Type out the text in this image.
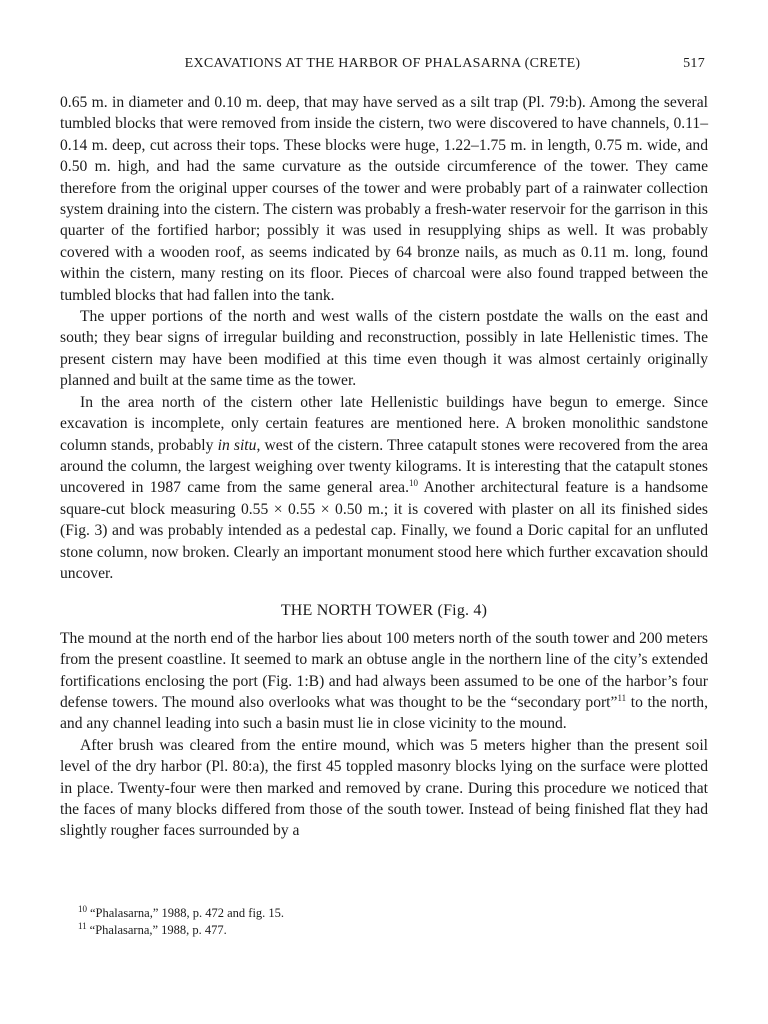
EXCAVATIONS AT THE HARBOR OF PHALASARNA (CRETE)	517

0.65 m. in diameter and 0.10 m. deep, that may have served as a silt trap (Pl. 79:b). Among the several tumbled blocks that were removed from inside the cistern, two were discovered to have channels, 0.11–0.14 m. deep, cut across their tops. These blocks were huge, 1.22–1.75 m. in length, 0.75 m. wide, and 0.50 m. high, and had the same curvature as the outside circumference of the tower. They came therefore from the original upper courses of the tower and were probably part of a rainwater collection system draining into the cistern. The cistern was probably a fresh-water reservoir for the garrison in this quarter of the fortified harbor; possibly it was used in resupplying ships as well. It was probably covered with a wooden roof, as seems indicated by 64 bronze nails, as much as 0.11 m. long, found within the cistern, many resting on its floor. Pieces of charcoal were also found trapped between the tumbled blocks that had fallen into the tank.

The upper portions of the north and west walls of the cistern postdate the walls on the east and south; they bear signs of irregular building and reconstruction, possibly in late Hellenistic times. The present cistern may have been modified at this time even though it was almost certainly originally planned and built at the same time as the tower.

In the area north of the cistern other late Hellenistic buildings have begun to emerge. Since excavation is incomplete, only certain features are mentioned here. A broken monolithic sandstone column stands, probably in situ, west of the cistern. Three catapult stones were recovered from the area around the column, the largest weighing over twenty kilograms. It is interesting that the catapult stones uncovered in 1987 came from the same general area.$^{10}$ Another architectural feature is a handsome square-cut block measuring 0.55 × 0.55 × 0.50 m.; it is covered with plaster on all its finished sides (Fig. 3) and was probably intended as a pedestal cap. Finally, we found a Doric capital for an unfluted stone column, now broken. Clearly an important monument stood here which further excavation should uncover.

THE NORTH TOWER (Fig. 4)

The mound at the north end of the harbor lies about 100 meters north of the south tower and 200 meters from the present coastline. It seemed to mark an obtuse angle in the northern line of the city’s extended fortifications enclosing the port (Fig. 1:B) and had always been assumed to be one of the harbor’s four defense towers. The mound also overlooks what was thought to be the “secondary port”$^{11}$ to the north, and any channel leading into such a basin must lie in close vicinity to the mound.

After brush was cleared from the entire mound, which was 5 meters higher than the present soil level of the dry harbor (Pl. 80:a), the first 45 toppled masonry blocks lying on the surface were plotted in place. Twenty-four were then marked and removed by crane. During this procedure we noticed that the faces of many blocks differed from those of the south tower. Instead of being finished flat they had slightly rougher faces surrounded by a

$^{10}$ “Phalasarna,” 1988, p. 472 and fig. 15.

$^{11}$ “Phalasarna,” 1988, p. 477.
